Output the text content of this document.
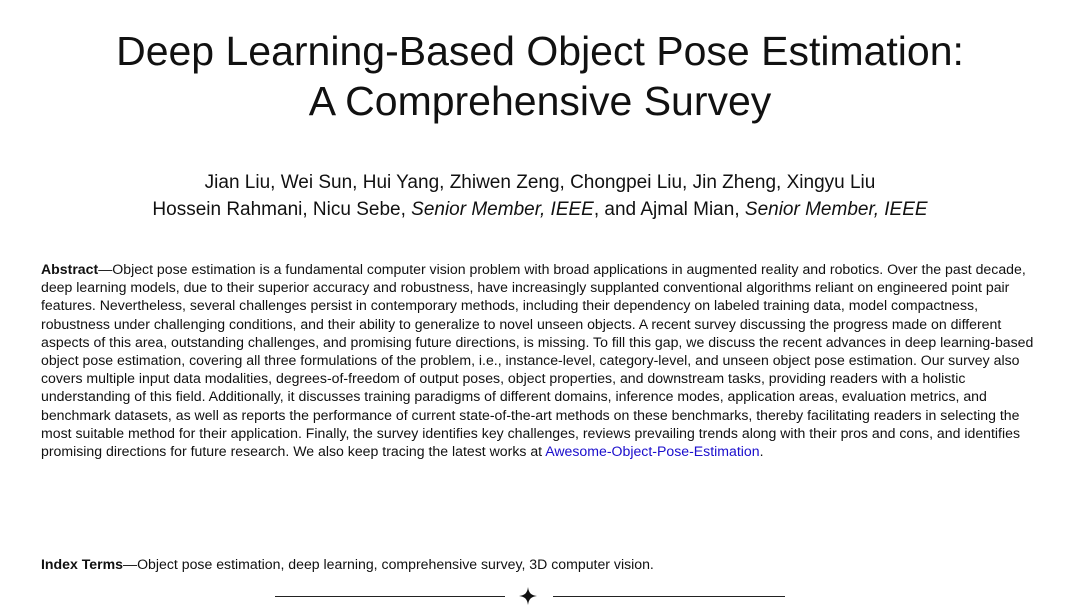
Deep Learning-Based Object Pose Estimation:
A Comprehensive Survey
Jian Liu, Wei Sun, Hui Yang, Zhiwen Zeng, Chongpei Liu, Jin Zheng, Xingyu Liu
Hossein Rahmani, Nicu Sebe, Senior Member, IEEE, and Ajmal Mian, Senior Member, IEEE
Abstract—Object pose estimation is a fundamental computer vision problem with broad applications in augmented reality and robotics. Over the past decade, deep learning models, due to their superior accuracy and robustness, have increasingly supplanted conventional algorithms reliant on engineered point pair features. Nevertheless, several challenges persist in contemporary methods, including their dependency on labeled training data, model compactness, robustness under challenging conditions, and their ability to generalize to novel unseen objects. A recent survey discussing the progress made on different aspects of this area, outstanding challenges, and promising future directions, is missing. To fill this gap, we discuss the recent advances in deep learning-based object pose estimation, covering all three formulations of the problem, i.e., instance-level, category-level, and unseen object pose estimation. Our survey also covers multiple input data modalities, degrees-of-freedom of output poses, object properties, and downstream tasks, providing readers with a holistic understanding of this field. Additionally, it discusses training paradigms of different domains, inference modes, application areas, evaluation metrics, and benchmark datasets, as well as reports the performance of current state-of-the-art methods on these benchmarks, thereby facilitating readers in selecting the most suitable method for their application. Finally, the survey identifies key challenges, reviews prevailing trends along with their pros and cons, and identifies promising directions for future research. We also keep tracing the latest works at Awesome-Object-Pose-Estimation.
Index Terms—Object pose estimation, deep learning, comprehensive survey, 3D computer vision.
